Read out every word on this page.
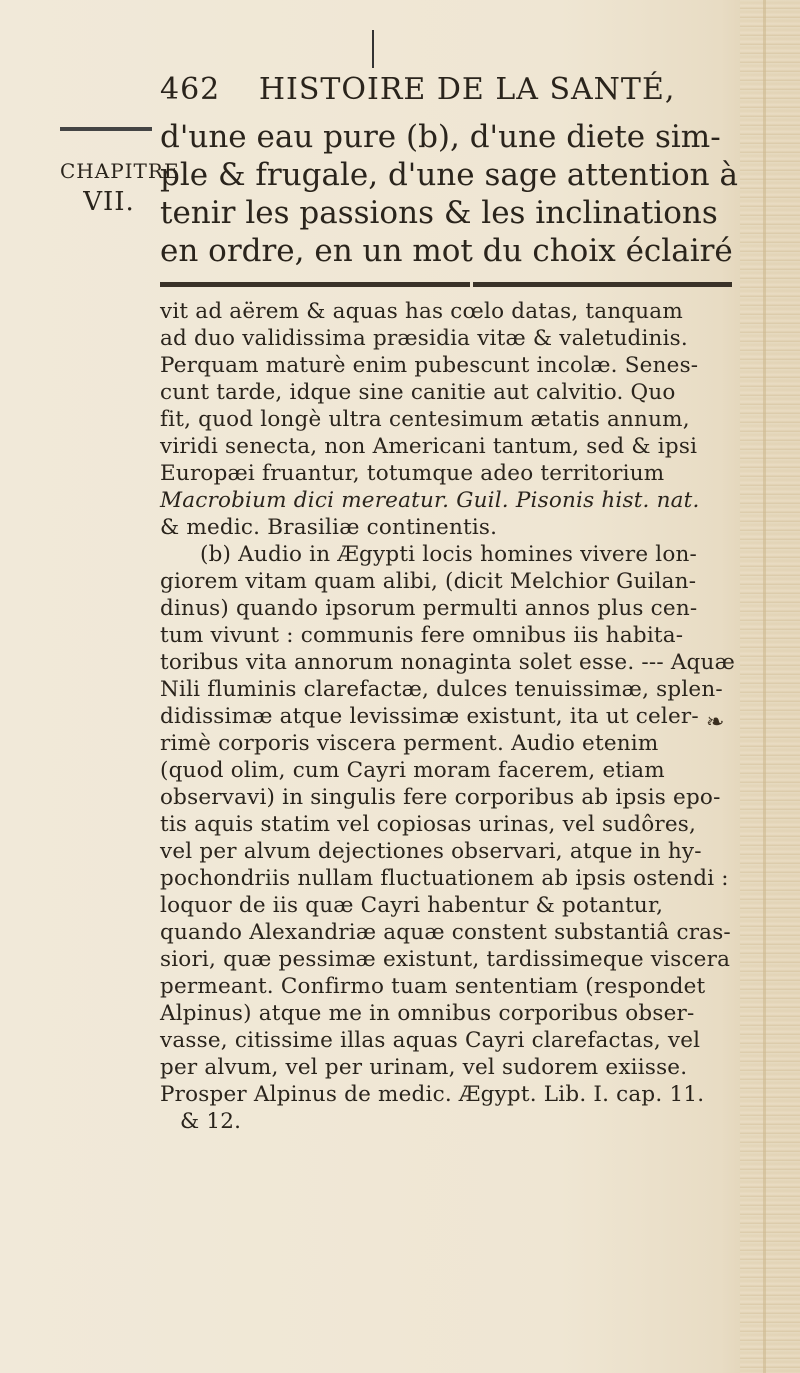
462 HISTOIRE DE LA SANTÉ,
CHAPITRE
VII.
d'une eau pure (b), d'une diete sim-
ple & frugale, d'une sage attention à
tenir les passions & les inclinations
en ordre, en un mot du choix éclairé
vit ad aërem & aquas has cœlo datas, tanquam
ad duo validissima præsidia vitæ & valetudinis.
Perquam maturè enim pubescunt incolæ. Senes-
cunt tarde, idque sine canitie aut calvitio. Quo
fit, quod longè ultra centesimum ætatis annum,
viridi senecta, non Americani tantum, sed & ipsi
Europæi fruantur, totumque adeo territorium
Macrobium dici mereatur. Guil. Pisonis hist. nat.
& medic. Brasiliæ continentis.
(b) Audio in Ægypti locis homines vivere lon-
giorem vitam quam alibi, (dicit Melchior Guilan-
dinus) quando ipsorum permulti annos plus cen-
tum vivunt : communis fere omnibus iis habita-
toribus vita annorum nonaginta solet esse. --- Aquæ
Nili fluminis clarefactæ, dulces tenuissimæ, splen-
didissimæ atque levissimæ existunt, ita ut celer-
rimè corporis viscera perment. Audio etenim
(quod olim, cum Cayri moram facerem, etiam
observavi) in singulis fere corporibus ab ipsis epo-
tis aquis statim vel copiosas urinas, vel sudôres,
vel per alvum dejectiones observari, atque in hy-
pochondriis nullam fluctuationem ab ipsis ostendi :
loquor de iis quæ Cayri habentur & potantur,
quando Alexandriæ aquæ constent substantiâ cras-
siori, quæ pessimæ existunt, tardissimeque viscera
permeant. Confirmo tuam sententiam (respondet
Alpinus) atque me in omnibus corporibus obser-
vasse, citissime illas aquas Cayri clarefactas, vel
per alvum, vel per urinam, vel sudorem exiisse.
Prosper Alpinus de medic. Ægypt. Lib. I. cap. 11.
& 12.
❧
